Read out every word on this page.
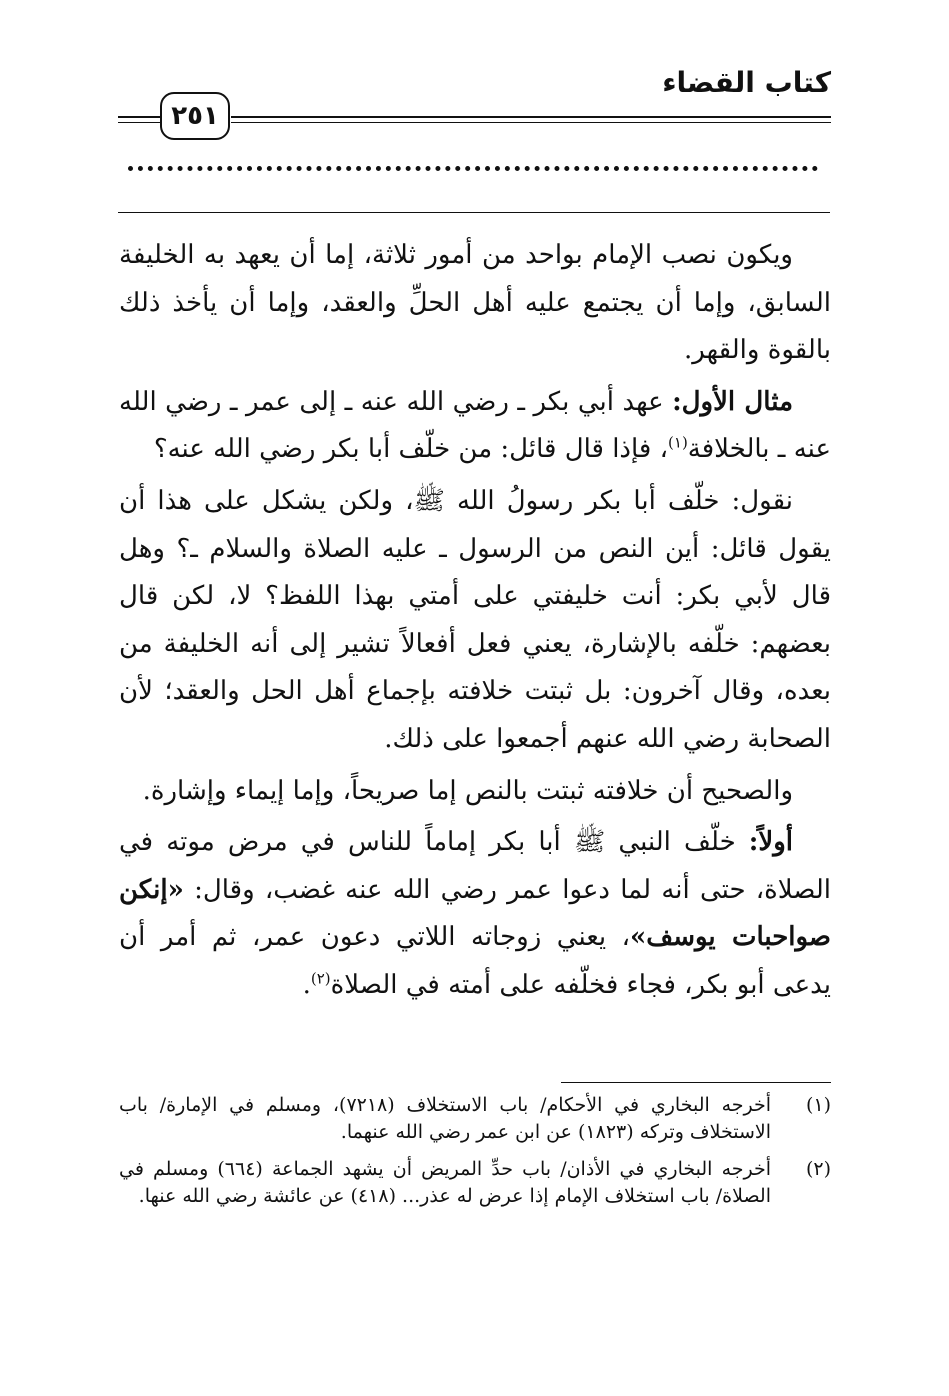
كتاب القضاء
٢٥١

ويكون نصب الإمام بواحد من أمور ثلاثة، إما أن يعهد به الخليفة السابق، وإما أن يجتمع عليه أهل الحلِّ والعقد، وإما أن يأخذ ذلك بالقوة والقهر.

مثال الأول: عهد أبي بكر ـ رضي الله عنه ـ إلى عمر ـ رضي الله عنه ـ بالخلافة$^{(١)}$، فإذا قال قائل: من خلّف أبا بكر رضي الله عنه؟

نقول: خلّف أبا بكر رسولُ الله ﷺ، ولكن يشكل على هذا أن يقول قائل: أين النص من الرسول ـ عليه الصلاة والسلام ـ؟ وهل قال لأبي بكر: أنت خليفتي على أمتي بهذا اللفظ؟ لا، لكن قال بعضهم: خلّفه بالإشارة، يعني فعل أفعالاً تشير إلى أنه الخليفة من بعده، وقال آخرون: بل ثبتت خلافته بإجماع أهل الحل والعقد؛ لأن الصحابة رضي الله عنهم أجمعوا على ذلك.

والصحيح أن خلافته ثبتت بالنص إما صريحاً، وإما إيماء وإشارة.

أولاً: خلّف النبي ﷺ أبا بكر إماماً للناس في مرض موته في الصلاة، حتى أنه لما دعوا عمر رضي الله عنه غضب، وقال: «إنكن صواحبات يوسف»، يعني زوجاته اللاتي دعون عمر، ثم أمر أن يدعى أبو بكر، فجاء فخلّفه على أمته في الصلاة$^{(٢)}$.

(١)
أخرجه البخاري في الأحكام/ باب الاستخلاف (٧٢١٨)، ومسلم في الإمارة/ باب الاستخلاف وتركه (١٨٢٣) عن ابن عمر رضي الله عنهما.
(٢)
أخرجه البخاري في الأذان/ باب حدِّ المريض أن يشهد الجماعة (٦٦٤) ومسلم في الصلاة/ باب استخلاف الإمام إذا عرض له عذر... (٤١٨) عن عائشة رضي الله عنها.
